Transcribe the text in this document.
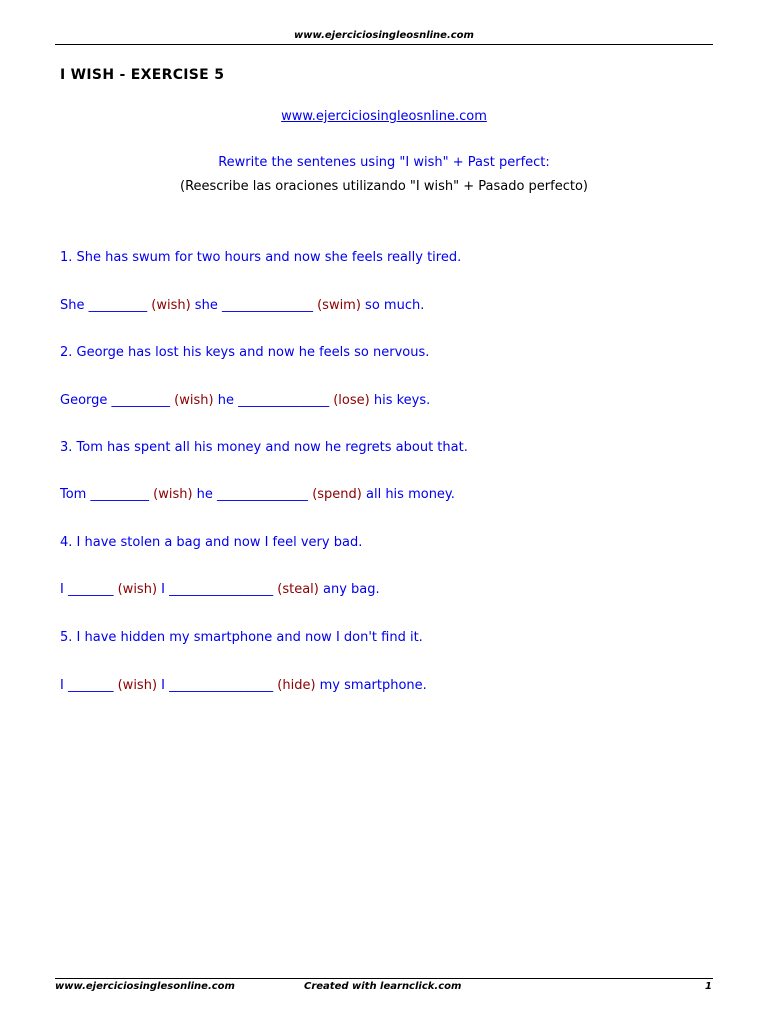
www.ejerciciosingleosnline.com
I WISH - EXERCISE 5
www.ejerciciosingleosnline.com
Rewrite the sentenes using "I wish" + Past perfect:
(Reescribe las oraciones utilizando "I wish" + Pasado perfecto)
1. She has swum for two hours and now she feels really tired.
She _________ (wish) she ______________ (swim) so much.
2. George has lost his keys and now he feels so nervous.
George _________ (wish) he ______________ (lose) his keys.
3. Tom has spent all his money and now he regrets about that.
Tom _________ (wish) he ______________ (spend) all his money.
4. I have stolen a bag and now I feel very bad.
I _______ (wish) I ________________ (steal) any bag.
5. I have hidden my smartphone and now I don't find it.
I _______ (wish) I ________________ (hide) my smartphone.
www.ejerciciosinglesonline.com	Created with learnclick.com	1
